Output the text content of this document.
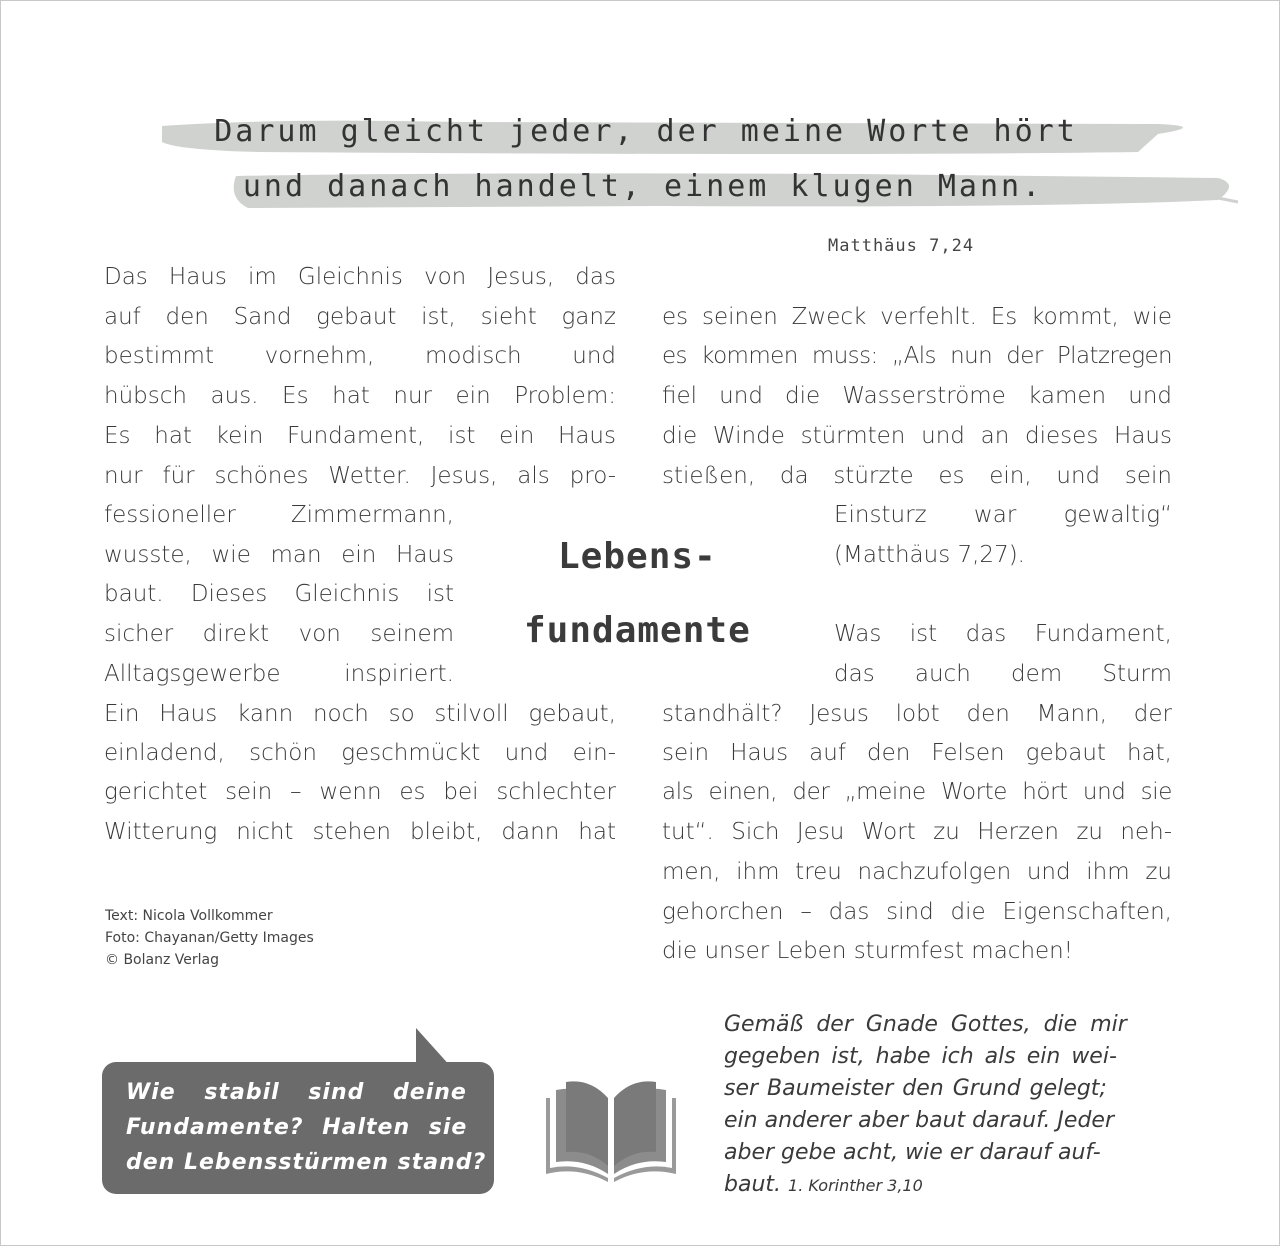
Darum gleicht jeder, der meine Worte hört
und danach handelt, einem klugen Mann.
Matthäus 7,24
Das Haus im Gleichnis von Jesus, das
auf den Sand gebaut ist, sieht ganz
bestimmt vornehm, modisch und
hübsch aus. Es hat nur ein Problem:
Es hat kein Fundament, ist ein Haus
nur für schönes Wetter. Jesus, als pro-
fessioneller Zimmermann,
wusste, wie man ein Haus
baut. Dieses Gleichnis ist
sicher direkt von seinem
Alltagsgewerbe inspiriert.
Ein Haus kann noch so stilvoll gebaut,
einladend, schön geschmückt und ein-
gerichtet sein – wenn es bei schlechter
Witterung nicht stehen bleibt, dann hat
Lebens-
fundamente
es seinen Zweck verfehlt. Es kommt, wie
es kommen muss: „Als nun der Platzregen
fiel und die Wasserströme kamen und
die Winde stürmten und an dieses Haus
stießen, da stürzte es ein, und sein
Einsturz war gewaltig“
(Matthäus 7,27).
Was ist das Fundament,
das auch dem Sturm
standhält? Jesus lobt den Mann, der
sein Haus auf den Felsen gebaut hat,
als einen, der „meine Worte hört und sie
tut“. Sich Jesu Wort zu Herzen zu neh-
men, ihm treu nachzufolgen und ihm zu
gehorchen – das sind die Eigenschaften,
die unser Leben sturmfest machen!
Text: Nicola Vollkommer
Foto: Chayanan/Getty Images
© Bolanz Verlag
Wie stabil sind deine
Fundamente? Halten sie
den Lebensstürmen stand?
Gemäß der Gnade Gottes, die mir
gegeben ist, habe ich als ein wei-
ser Baumeister den Grund gelegt;
ein anderer aber baut darauf. Jeder
aber gebe acht, wie er darauf auf-
baut. 1. Korinther 3,10
